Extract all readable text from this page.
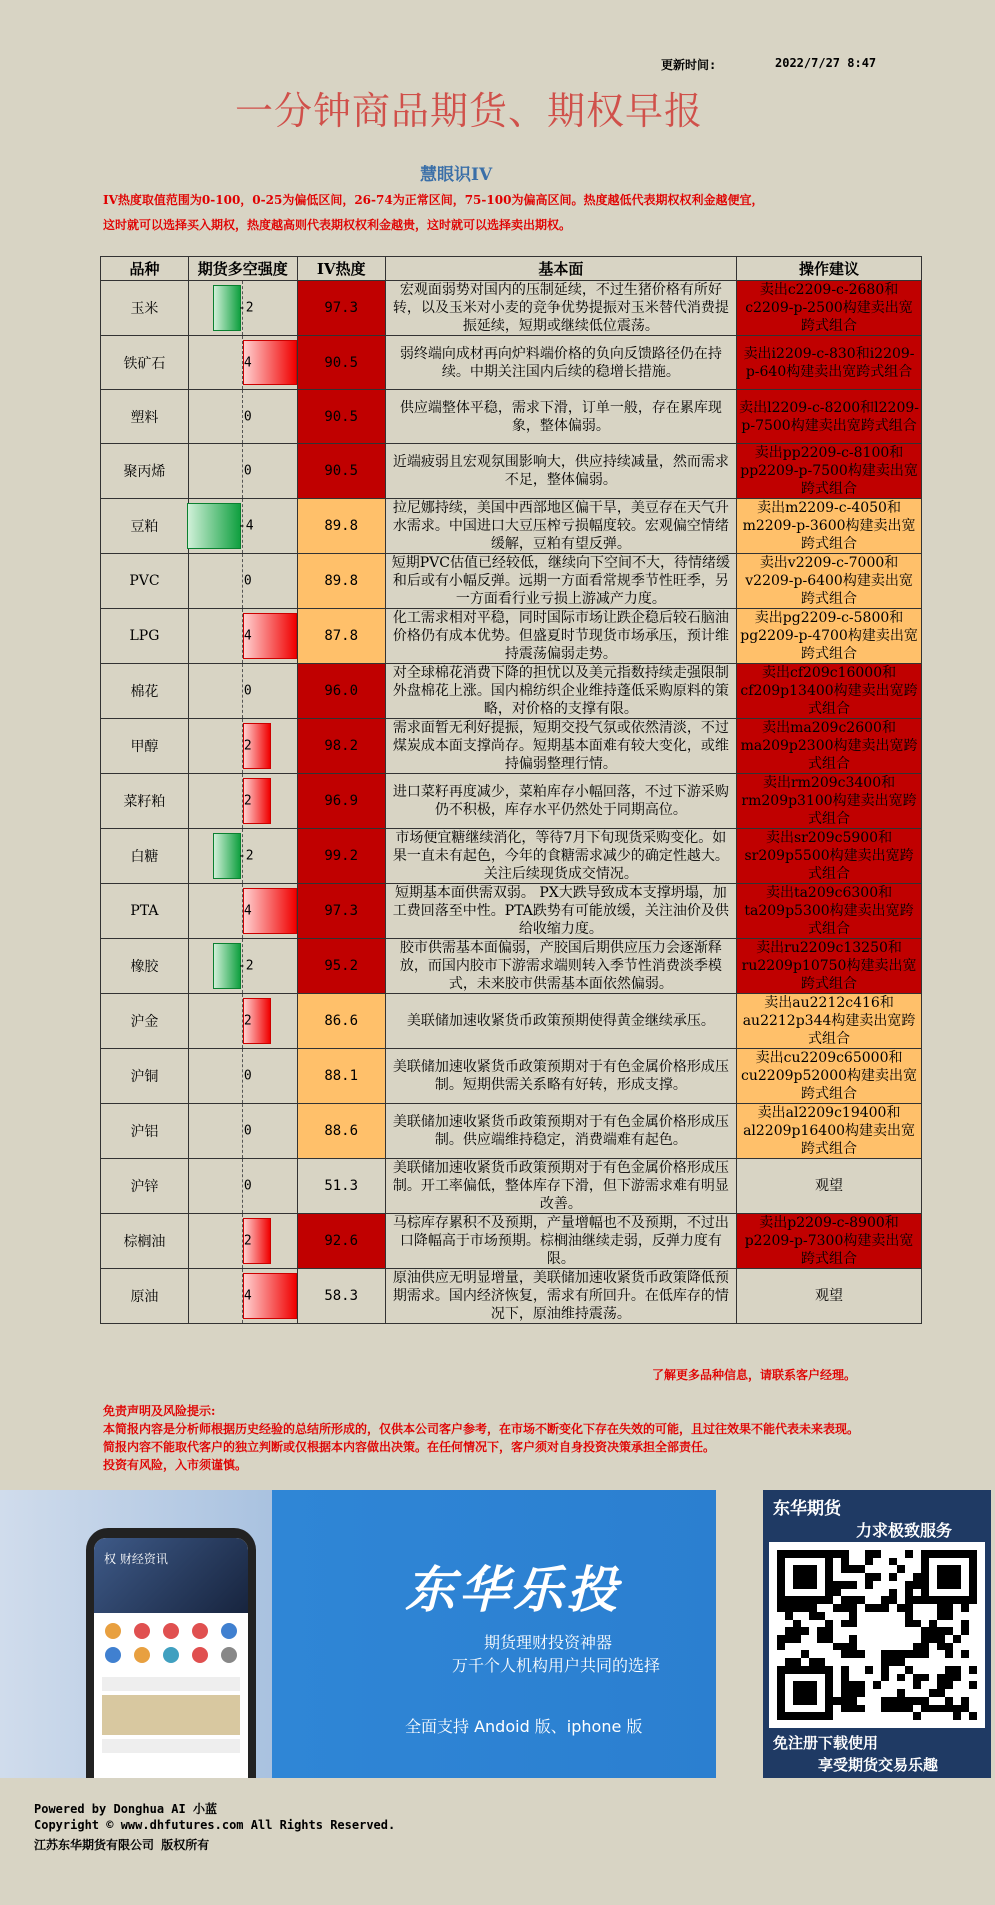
更新时间:	2022/7/27 8:47
一分钟商品期货、期权早报
慧眼识IV
IV热度取值范围为0-100，0-25为偏低区间，26-74为正常区间，75-100为偏高区间。热度越低代表期权权利金越便宜，
这时就可以选择买入期权，热度越高则代表期权权利金越贵，这时就可以选择卖出期权。
品种	期货多空强度	IV热度	基本面	操作建议
玉米	-2	97.3	宏观面弱势对国内的压制延续，不过生猪价格有所好转，以及玉米对小麦的竞争优势提振对玉米替代消费提振延续，短期或继续低位震荡。	卖出c2209-c-2680和c2209-p-2500构建卖出宽跨式组合
铁矿石	4	90.5	弱终端向成材再向炉料端价格的负向反馈路径仍在持续。中期关注国内后续的稳增长措施。	卖出i2209-c-830和i2209-p-640构建卖出宽跨式组合
塑料	0	90.5	供应端整体平稳，需求下滑，订单一般，存在累库现象，整体偏弱。	卖出l2209-c-8200和l2209-p-7500构建卖出宽跨式组合
聚丙烯	0	90.5	近端疲弱且宏观氛围影响大，供应持续减量，然而需求不足，整体偏弱。	卖出pp2209-c-8100和pp2209-p-7500构建卖出宽跨式组合
豆粕	-4	89.8	拉尼娜持续，美国中西部地区偏干旱，美豆存在天气升水需求。中国进口大豆压榨亏损幅度较。宏观偏空情绪缓解，豆粕有望反弹。	卖出m2209-c-4050和m2209-p-3600构建卖出宽跨式组合
PVC	0	89.8	短期PVC估值已经较低，继续向下空间不大，待情绪缓和后或有小幅反弹。远期一方面看常规季节性旺季，另一方面看行业亏损上游减产力度。	卖出v2209-c-7000和v2209-p-6400构建卖出宽跨式组合
LPG	4	87.8	化工需求相对平稳，同时国际市场让跌企稳后较石脑油价格仍有成本优势。但盛夏时节现货市场承压，预计维持震荡偏弱走势。	卖出pg2209-c-5800和pg2209-p-4700构建卖出宽跨式组合
棉花	0	96.0	对全球棉花消费下降的担忧以及美元指数持续走强限制外盘棉花上涨。国内棉纺织企业维持蓬低采购原料的策略，对价格的支撑有限。	卖出cf209c16000和cf209p13400构建卖出宽跨式组合
甲醇	2	98.2	需求面暂无利好提振，短期交投气氛或依然清淡，不过煤炭成本面支撑尚存。短期基本面难有较大变化，或维持偏弱整理行情。	卖出ma209c2600和ma209p2300构建卖出宽跨式组合
菜籽粕	2	96.9	进口菜籽再度减少，菜粕库存小幅回落，不过下游采购仍不积极，库存水平仍然处于同期高位。	卖出rm209c3400和rm209p3100构建卖出宽跨式组合
白糖	-2	99.2	市场便宜糖继续消化，等待7月下旬现货采购变化。如果一直未有起色，今年的食糖需求减少的确定性越大。关注后续现货成交情况。	卖出sr209c5900和sr209p5500构建卖出宽跨式组合
PTA	4	97.3	短期基本面供需双弱。 PX大跌导致成本支撑坍塌，加工费回落至中性。PTA跌势有可能放缓，关注油价及供给收缩力度。	卖出ta209c6300和ta209p5300构建卖出宽跨式组合
橡胶	-2	95.2	胶市供需基本面偏弱，产胶国后期供应压力会逐渐释放，而国内胶市下游需求端则转入季节性消费淡季模式，未来胶市供需基本面依然偏弱。	卖出ru2209c13250和ru2209p10750构建卖出宽跨式组合
沪金	2	86.6	美联储加速收紧货币政策预期使得黄金继续承压。	卖出au2212c416和au2212p344构建卖出宽跨式组合
沪铜	0	88.1	美联储加速收紧货币政策预期对于有色金属价格形成压制。短期供需关系略有好转，形成支撑。	卖出cu2209c65000和cu2209p52000构建卖出宽跨式组合
沪铝	0	88.6	美联储加速收紧货币政策预期对于有色金属价格形成压制。供应端维持稳定，消费端难有起色。	卖出al2209c19400和al2209p16400构建卖出宽跨式组合
沪锌	0	51.3	美联储加速收紧货币政策预期对于有色金属价格形成压制。开工率偏低，整体库存下滑，但下游需求难有明显改善。	观望
棕榈油	2	92.6	马棕库存累积不及预期，产量增幅也不及预期，不过出口降幅高于市场预期。棕榈油继续走弱，反弹力度有限。	卖出p2209-c-8900和p2209-p-7300构建卖出宽跨式组合
原油	4	58.3	原油供应无明显增量，美联储加速收紧货币政策降低预期需求。国内经济恢复，需求有所回升。在低库存的情况下，原油维持震荡。	观望
了解更多品种信息，请联系客户经理。
免责声明及风险提示:
本简报内容是分析师根据历史经验的总结所形成的，仅供本公司客户参考，在市场不断变化下存在失效的可能，且过往效果不能代表未来表现。
简报内容不能取代客户的独立判断或仅根据本内容做出决策。在任何情况下，客户须对自身投资决策承担全部责任。
投资有风险，入市须谨慎。
权 财经资讯
东华乐投
期货理财投资神器
万千个人机构用户共同的选择
全面支持 Andoid 版、iphone 版
东华期货
力求极致服务
免注册下载使用
享受期货交易乐趣
Powered by Donghua AI 小蓝
Copyright © www.dhfutures.com All Rights Reserved.
江苏东华期货有限公司 版权所有
